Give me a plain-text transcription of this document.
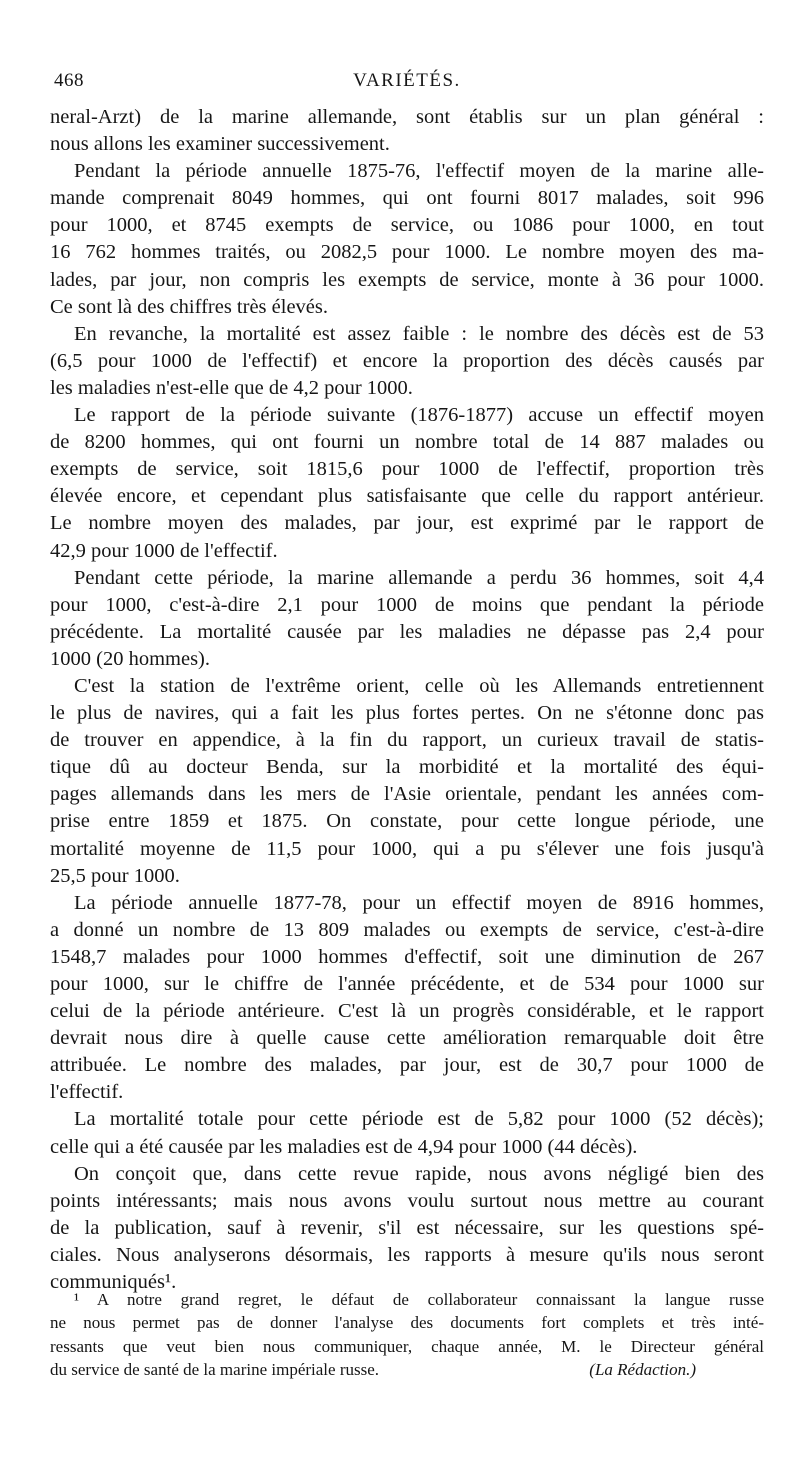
468	VARIÉTÉS.
neral-Arzt) de la marine allemande, sont établis sur un plan général :
nous allons les examiner successivement.
Pendant la période annuelle 1875-76, l'effectif moyen de la marine alle-
mande comprenait 8049 hommes, qui ont fourni 8017 malades, soit 996
pour 1000, et 8745 exempts de service, ou 1086 pour 1000, en tout
16 762 hommes traités, ou 2082,5 pour 1000. Le nombre moyen des ma-
lades, par jour, non compris les exempts de service, monte à 36 pour 1000.
Ce sont là des chiffres très élevés.
En revanche, la mortalité est assez faible : le nombre des décès est de 53
(6,5 pour 1000 de l'effectif) et encore la proportion des décès causés par
les maladies n'est-elle que de 4,2 pour 1000.
Le rapport de la période suivante (1876-1877) accuse un effectif moyen
de 8200 hommes, qui ont fourni un nombre total de 14 887 malades ou
exempts de service, soit 1815,6 pour 1000 de l'effectif, proportion très
élevée encore, et cependant plus satisfaisante que celle du rapport antérieur.
Le nombre moyen des malades, par jour, est exprimé par le rapport de
42,9 pour 1000 de l'effectif.
Pendant cette période, la marine allemande a perdu 36 hommes, soit 4,4
pour 1000, c'est-à-dire 2,1 pour 1000 de moins que pendant la période
précédente. La mortalité causée par les maladies ne dépasse pas 2,4 pour
1000 (20 hommes).
C'est la station de l'extrême orient, celle où les Allemands entretiennent
le plus de navires, qui a fait les plus fortes pertes. On ne s'étonne donc pas
de trouver en appendice, à la fin du rapport, un curieux travail de statis-
tique dû au docteur Benda, sur la morbidité et la mortalité des équi-
pages allemands dans les mers de l'Asie orientale, pendant les années com-
prise entre 1859 et 1875. On constate, pour cette longue période, une
mortalité moyenne de 11,5 pour 1000, qui a pu s'élever une fois jusqu'à
25,5 pour 1000.
La période annuelle 1877-78, pour un effectif moyen de 8916 hommes,
a donné un nombre de 13 809 malades ou exempts de service, c'est-à-dire
1548,7 malades pour 1000 hommes d'effectif, soit une diminution de 267
pour 1000, sur le chiffre de l'année précédente, et de 534 pour 1000 sur
celui de la période antérieure. C'est là un progrès considérable, et le rapport
devrait nous dire à quelle cause cette amélioration remarquable doit être
attribuée. Le nombre des malades, par jour, est de 30,7 pour 1000 de
l'effectif.
La mortalité totale pour cette période est de 5,82 pour 1000 (52 décès);
celle qui a été causée par les maladies est de 4,94 pour 1000 (44 décès).
On conçoit que, dans cette revue rapide, nous avons négligé bien des
points intéressants; mais nous avons voulu surtout nous mettre au courant
de la publication, sauf à revenir, s'il est nécessaire, sur les questions spé-
ciales. Nous analyserons désormais, les rapports à mesure qu'ils nous seront
communiqués¹.
¹ A notre grand regret, le défaut de collaborateur connaissant la langue russe
ne nous permet pas de donner l'analyse des documents fort complets et très inté-
ressants que veut bien nous communiquer, chaque année, M. le Directeur général
du service de santé de la marine impériale russe.	(La Rédaction.)
